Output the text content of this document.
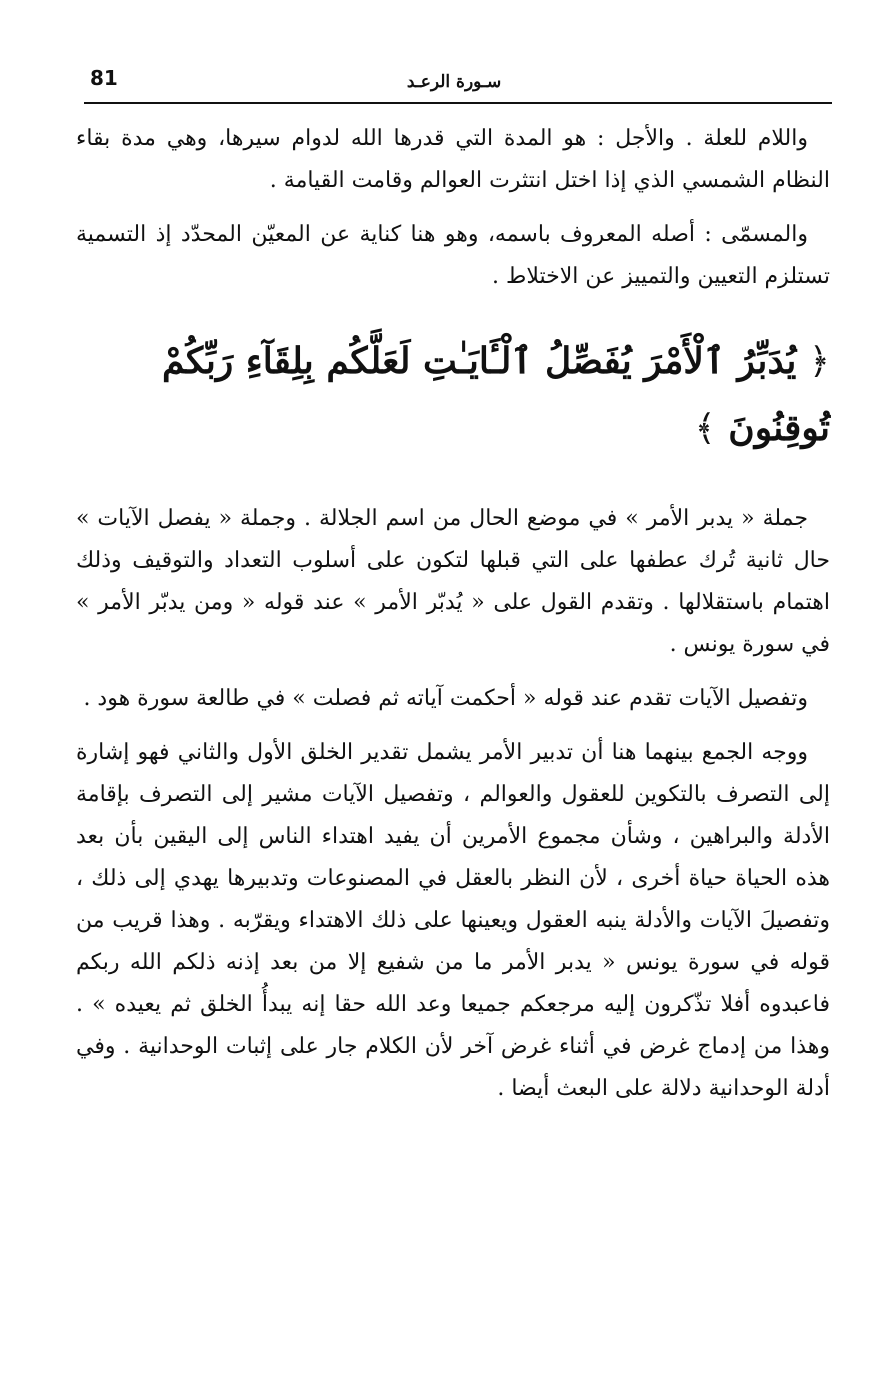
81	سـورة الرعـد

واللام للعلة . والأجل : هو المدة التي قدرها الله لدوام سيرها، وهي مدة بقاء النظام الشمسي الذي إذا اختل انتثرت العوالم وقامت القيامة .

والمسمّى : أصله المعروف باسمه، وهو هنا كناية عن المعيّن المحدّد إذ التسمية تستلزم التعيين والتمييز عن الاختلاط .

﴿ يُدَبِّرُ ٱلْأَمْرَ يُفَصِّلُ ٱلْـَٔايَـٰتِ لَعَلَّكُم بِلِقَآءِ رَبِّكُمْ تُوقِنُونَ ﴾

جملة « يدبر الأمر » في موضع الحال من اسم الجلالة . وجملة « يفصل الآيات » حال ثانية تُرك عطفها على التي قبلها لتكون على أسلوب التعداد والتوقيف وذلك اهتمام باستقلالها . وتقدم القول على « يُدبّر الأمر » عند قوله « ومن يدبّر الأمر » في سورة يونس .

وتفصيل الآيات تقدم عند قوله « أحكمت آياته ثم فصلت » في طالعة سورة هود .

ووجه الجمع بينهما هنا أن تدبير الأمر يشمل تقدير الخلق الأول والثاني فهو إشارة إلى التصرف بالتكوين للعقول والعوالم ، وتفصيل الآيات مشير إلى التصرف بإقامة الأدلة والبراهين ، وشأن مجموع الأمرين أن يفيد اهتداء الناس إلى اليقين بأن بعد هذه الحياة حياة أخرى ، لأن النظر بالعقل في المصنوعات وتدبيرها يهدي إلى ذلك ، وتفصيلَ الآيات والأدلة ينبه العقول ويعينها على ذلك الاهتداء ويقرّبه . وهذا قريب من قوله في سورة يونس « يدبر الأمر ما من شفيع إلا من بعد إذنه ذلكم الله ربكم فاعبدوه أفلا تذّكرون إليه مرجعكم جميعا وعد الله حقا إنه يبدأُ الخلق ثم يعيده » . وهذا من إدماج غرض في أثناء غرض آخر لأن الكلام جار على إثبات الوحدانية . وفي أدلة الوحدانية دلالة على البعث أيضا .
